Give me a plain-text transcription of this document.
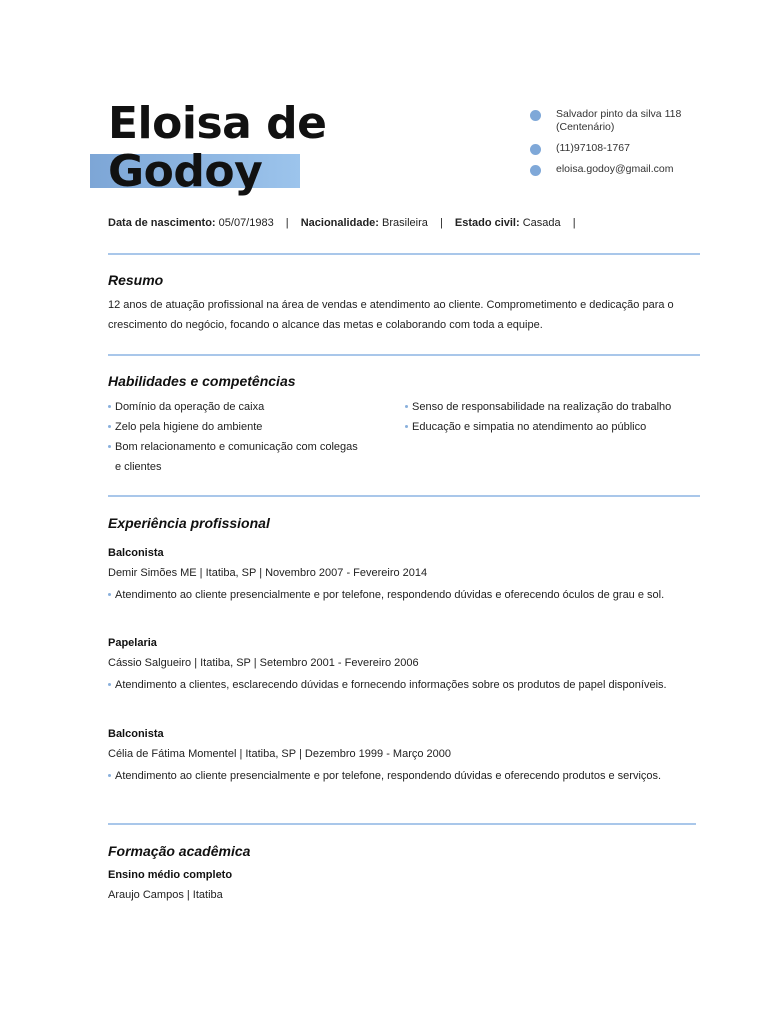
Eloisa de
Godoy
Salvador pinto da silva 118 (Centenário)
(11)97108-1767
eloisa.godoy@gmail.com
Data de nascimento: 05/07/1983 | Nacionalidade: Brasileira | Estado civil: Casada |
Resumo
12 anos de atuação profissional na área de vendas e atendimento ao cliente. Comprometimento e dedicação para o crescimento do negócio, focando o alcance das metas e colaborando com toda a equipe.
Habilidades e competências
Domínio da operação de caixa
Zelo pela higiene do ambiente
Bom relacionamento e comunicação com colegas e clientes
Senso de responsabilidade na realização do trabalho
Educação e simpatia no atendimento ao público
Experiência profissional
Balconista
Demir Simões ME | Itatiba, SP | Novembro 2007 - Fevereiro 2014
Atendimento ao cliente presencialmente e por telefone, respondendo dúvidas e oferecendo óculos de grau e sol.
Papelaria
Cássio Salgueiro | Itatiba, SP | Setembro 2001 - Fevereiro 2006
Atendimento a clientes, esclarecendo dúvidas e fornecendo informações sobre os produtos de papel disponíveis.
Balconista
Célia de Fátima Momentel | Itatiba, SP | Dezembro 1999 - Março 2000
Atendimento ao cliente presencialmente e por telefone, respondendo dúvidas e oferecendo produtos e serviços.
Formação acadêmica
Ensino médio completo
Araujo Campos | Itatiba
